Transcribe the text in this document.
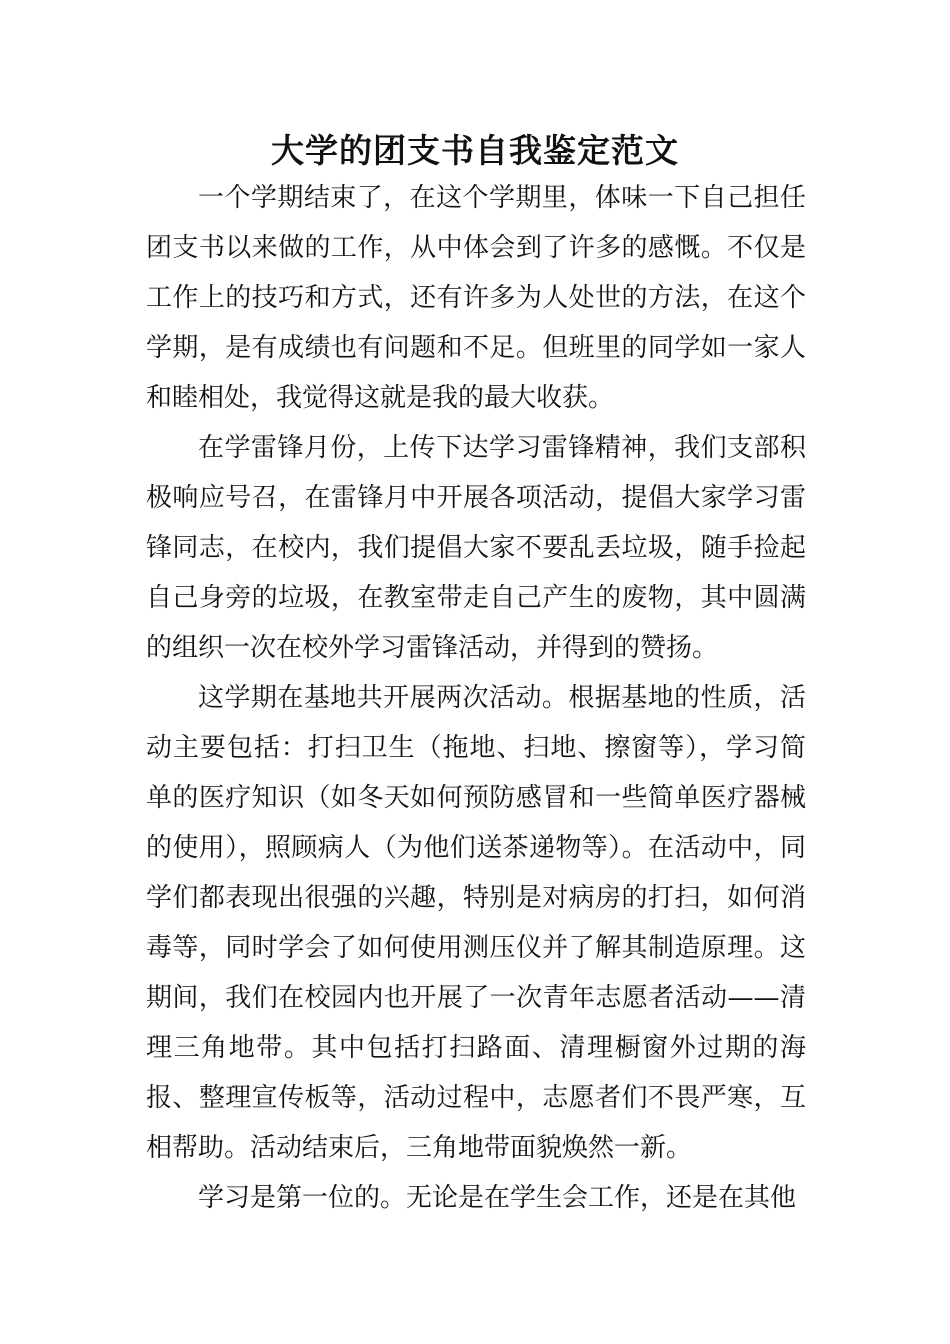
大学的团支书自我鉴定范文

一个学期结束了，在这个学期里，体味一下自己担任团支书以来做的工作，从中体会到了许多的感慨。不仅是工作上的技巧和方式，还有许多为人处世的方法，在这个学期，是有成绩也有问题和不足。但班里的同学如一家人和睦相处，我觉得这就是我的最大收获。

在学雷锋月份，上传下达学习雷锋精神，我们支部积极响应号召，在雷锋月中开展各项活动，提倡大家学习雷锋同志，在校内，我们提倡大家不要乱丢垃圾，随手捡起自己身旁的垃圾，在教室带走自己产生的废物，其中圆满的组织一次在校外学习雷锋活动，并得到的赞扬。

这学期在基地共开展两次活动。根据基地的性质，活动主要包括：打扫卫生（拖地、扫地、擦窗等），学习简单的医疗知识（如冬天如何预防感冒和一些简单医疗器械的使用），照顾病人（为他们送茶递物等）。在活动中，同学们都表现出很强的兴趣，特别是对病房的打扫，如何消毒等，同时学会了如何使用测压仪并了解其制造原理。这期间，我们在校园内也开展了一次青年志愿者活动——清理三角地带。其中包括打扫路面、清理橱窗外过期的海报、整理宣传板等，活动过程中，志愿者们不畏严寒，互相帮助。活动结束后，三角地带面貌焕然一新。

学习是第一位的。无论是在学生会工作，还是在其他
